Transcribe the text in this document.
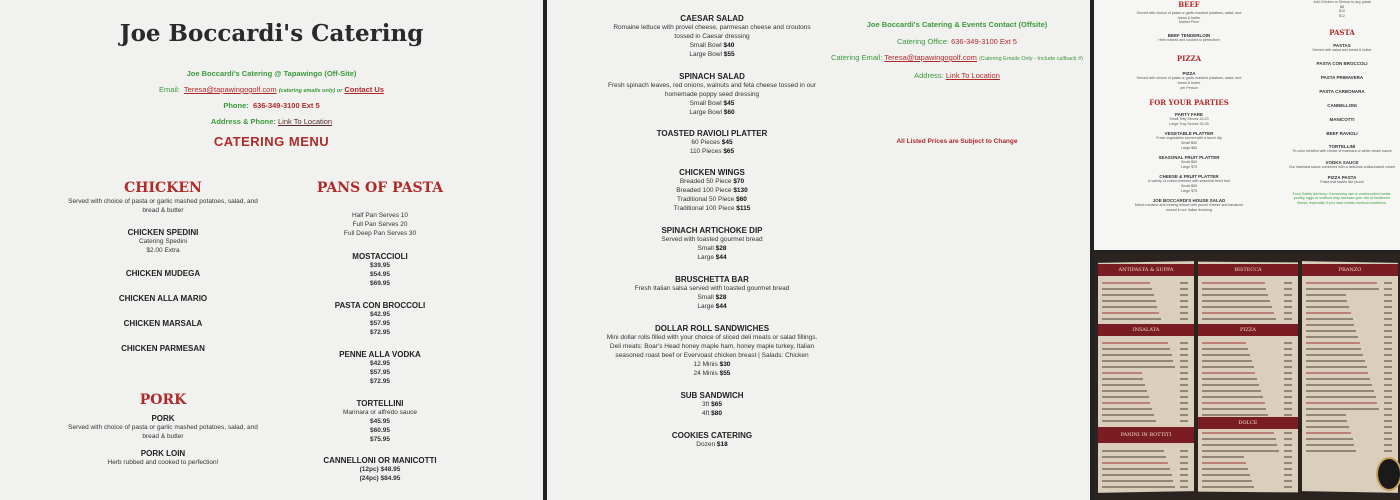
Joe Boccardi's Catering
Joe Boccardi's Catering @ Tapawingo (Off-Site)
Email: Teresa@tapawingogolf.com (catering emails only) or Contact Us
Phone: 636-349-3100 Ext 5
Address & Phone: Link To Location
CATERING MENU
CHICKEN
Served with choice of pasta or garlic mashed potatoes, salad, and bread & butter
CHICKEN SPEDINI
Catering Spedini
$2.00 Extra
CHICKEN MUDEGA
CHICKEN ALLA MARIO
CHICKEN MARSALA
CHICKEN PARMESAN
PORK
PORK
Served with choice of pasta or garlic mashed potatoes, salad, and bread & butter
PORK LOIN
Herb rubbed and cooked to perfection!
PANS OF PASTA
Half Pan Serves 10
Full Pan Serves 20
Full Deep Pan Serves 30
MOSTACCIOLI
$39.95
$54.95
$69.95
PASTA CON BROCCOLI
$42.95
$57.95
$72.95
PENNE ALLA VODKA
$42.95
$57.95
$72.95
TORTELLINI
Marinara or alfredo sauce
$45.95
$60.95
$75.95
CANNELLONI OR MANICOTTI
(12pc) $48.95
(24pc) $84.95
CAESAR SALAD
Romaine lettuce with provel cheese, parmesan cheese and croutons
tossed in Caesar dressing
Small Bowl $40
Large Bowl $55
SPINACH SALAD
Fresh spinach leaves, red onions, walnuts and feta cheese tossed in our
homemade poppy seed dressing
Small Bowl $45
Large Bowl $60
TOASTED RAVIOLI PLATTER
60 Pieces $45
110 Pieces $65
CHICKEN WINGS
Breaded 50 Piece $70
Breaded 100 Piece $130
Traditional 50 Piece $60
Traditional 100 Piece $115
SPINACH ARTICHOKE DIP
Served with toasted gourmet bread
Small $28
Large $44
BRUSCHETTA BAR
Fresh Italian salsa served with toasted gourmet bread
Small $28
Large $44
DOLLAR ROLL SANDWICHES
Mini dollar rolls filled with your choice of sliced deli meats or salad fillings.
Deli meats: Boar's Head honey maple ham, honey maple turkey, Italian
seasoned roast beef or Evervoast chicken breast | Salads: Chicken
12 Minis $30
24 Minis $55
SUB SANDWICH
3ft $65
4ft $80
COOKIES CATERING
Dozen $18
Joe Boccardi's Catering & Events Contact (Offsite)
Catering Office: 636-349-3100 Ext 5
Catering Email: Teresa@tapawingogolf.com (Catering Emails Only - Include callback #)
Address: Link To Location
All Listed Prices are Subject to Change
BEEF
Served with choice of pasta or garlic mashed potatoes, salad, and bread & butter
Market Price
BEEF TENDERLOIN
Herb rubbed and cooked to perfection!
PIZZA
PIZZA
Served with choice of pasta or garlic mashed potatoes, salad, and bread & butter
per Person
FOR YOUR PARTIES
PARTY FARE
Small Tray Serves 15-20
Large Tray Serves 30-40
VEGETABLE PLATTER
Fresh vegetables served with a ranch dip
Small $50
Large $65
SEASONAL FRUIT PLATTER
Small $60
Large $75
CHEESE & FRUIT PLATTER
A variety of cubed cheeses with seasonal fresh fruit
Small $65
Large $75
JOE BOCCARDI'S HOUSE SALAD
Mixed romaine and iceberg lettuce with provel cheese and tomatoes
tossed in our Italian dressing
Add Chicken or Shrimp to any pasta
$8
$10
$12
PASTA
PASTAS
Served with salad and bread & butter
PASTA CON BROCCOLI
PASTA PRIMAVERA
PASTA CARBONARA
CANNELLONI
MANICOTTI
BEEF RAVIOLI
TORTELLINI
Tri-color tortellini with choice of marinara or white cream sauce
VODKA SAUCE
Our marinara sauce combined with a delicious vodka-based cream
PIZZA PASTA
Pasta that tastes like pizza!
Food Safety Advisory: Consuming raw or undercooked meats, poultry, eggs or seafood may increase your risk of foodborne illness, especially if you have certain medical conditions.
ANTIPASTA & SUPPA	BISTECCA	PRANZO
INSALATA	PIZZA
DOLCE
PANINI IN BOTTITI
